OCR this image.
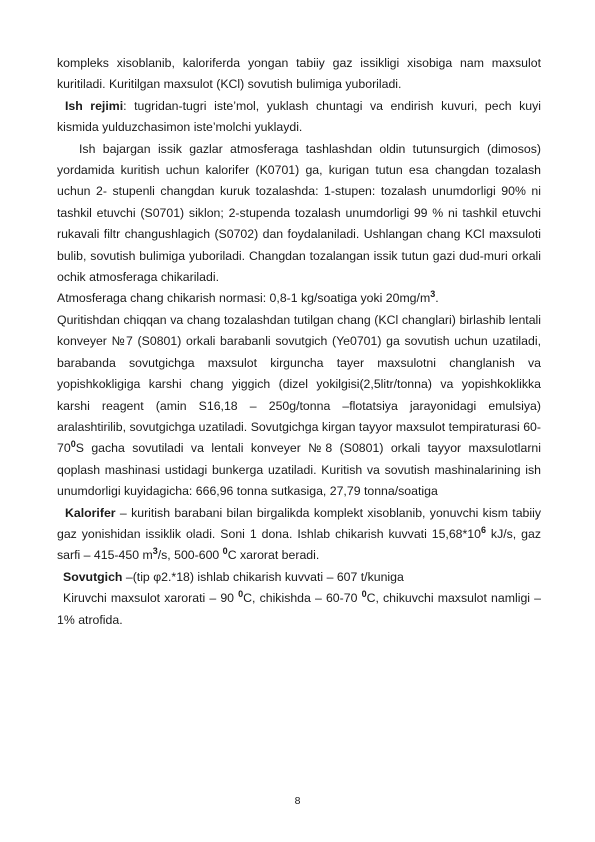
kompleks xisoblanib, kaloriferda yongan tabiiy gaz issikligi xisobiga nam maxsulot kuritiladi. Kuritilgan maxsulot (KCl) sovutish bulimiga yuboriladi.

Ish rejimi: tugridan-tugri iste’mol, yuklash chuntagi va endirish kuvuri, pech kuyi kismida yulduzchasimon iste’molchi yuklaydi.

Ish bajargan issik gazlar atmosferaga tashlashdan oldin tutunsurgich (dimosos) yordamida kuritish uchun kalorifer (K0701) ga, kurigan tutun esa changdan tozalash uchun 2- stupenli changdan kuruk tozalashda: 1-stupen: tozalash unumdorligi 90% ni tashkil etuvchi (S0701) siklon; 2-stupenda tozalash unumdorligi 99 % ni tashkil etuvchi rukavali filtr changushlagich (S0702) dan foydalaniladi. Ushlangan chang KCl maxsuloti bulib, sovutish bulimiga yuboriladi. Changdan tozalangan issik tutun gazi dud-muri orkali ochik atmosferaga chikariladi.

Atmosferaga chang chikarish normasi: 0,8-1 kg/soatiga yoki $20mg/m^3$.

Quritishdan chiqqan va chang tozalashdan tutilgan chang (KCl changlari) birlashib lentali konveyer №7 (S0801) orkali barabanli sovutgich (Ye0701) ga sovutish uchun uzatiladi, barabanda sovutgichga maxsulot kirguncha tayer maxsulotni changlanish va yopishkokligiga karshi chang yiggich (dizel yokilgisi(2,5litr/tonna) va yopishkoklikka karshi reagent (amin S16,18 – 250g/tonna –flotatsiya jarayonidagi emulsiya) aralashtirilib, sovutgichga uzatiladi. Sovutgichga kirgan tayyor maxsulot tempiraturasi $60-70^0S$ gacha sovutiladi va lentali konveyer №8 (S0801) orkali tayyor maxsulotlarni qoplash mashinasi ustidagi bunkerga uzatiladi. Kuritish va sovutish mashinalarining ish unumdorligi kuyidagicha: 666,96 tonna sutkasiga, 27,79 tonna/soatiga

Kalorifer – kuritish barabani bilan birgalikda komplekt xisoblanib, yonuvchi kism tabiiy gaz yonishidan issiklik oladi. Soni 1 dona. Ishlab chikarish kuvvati $15,68*10^6$ kJ/s, gaz sarfi – 415-450 $m^3/s$, 500-600 $^0$C xarorat beradi.

Sovutgich –(tip φ2.*18) ishlab chikarish kuvvati – 607 t/kuniga

Kiruvchi maxsulot xarorati – 90 $^0$C, chikishda – 60-70 $^0$C, chikuvchi maxsulot namligi – 1% atrofida.

8
